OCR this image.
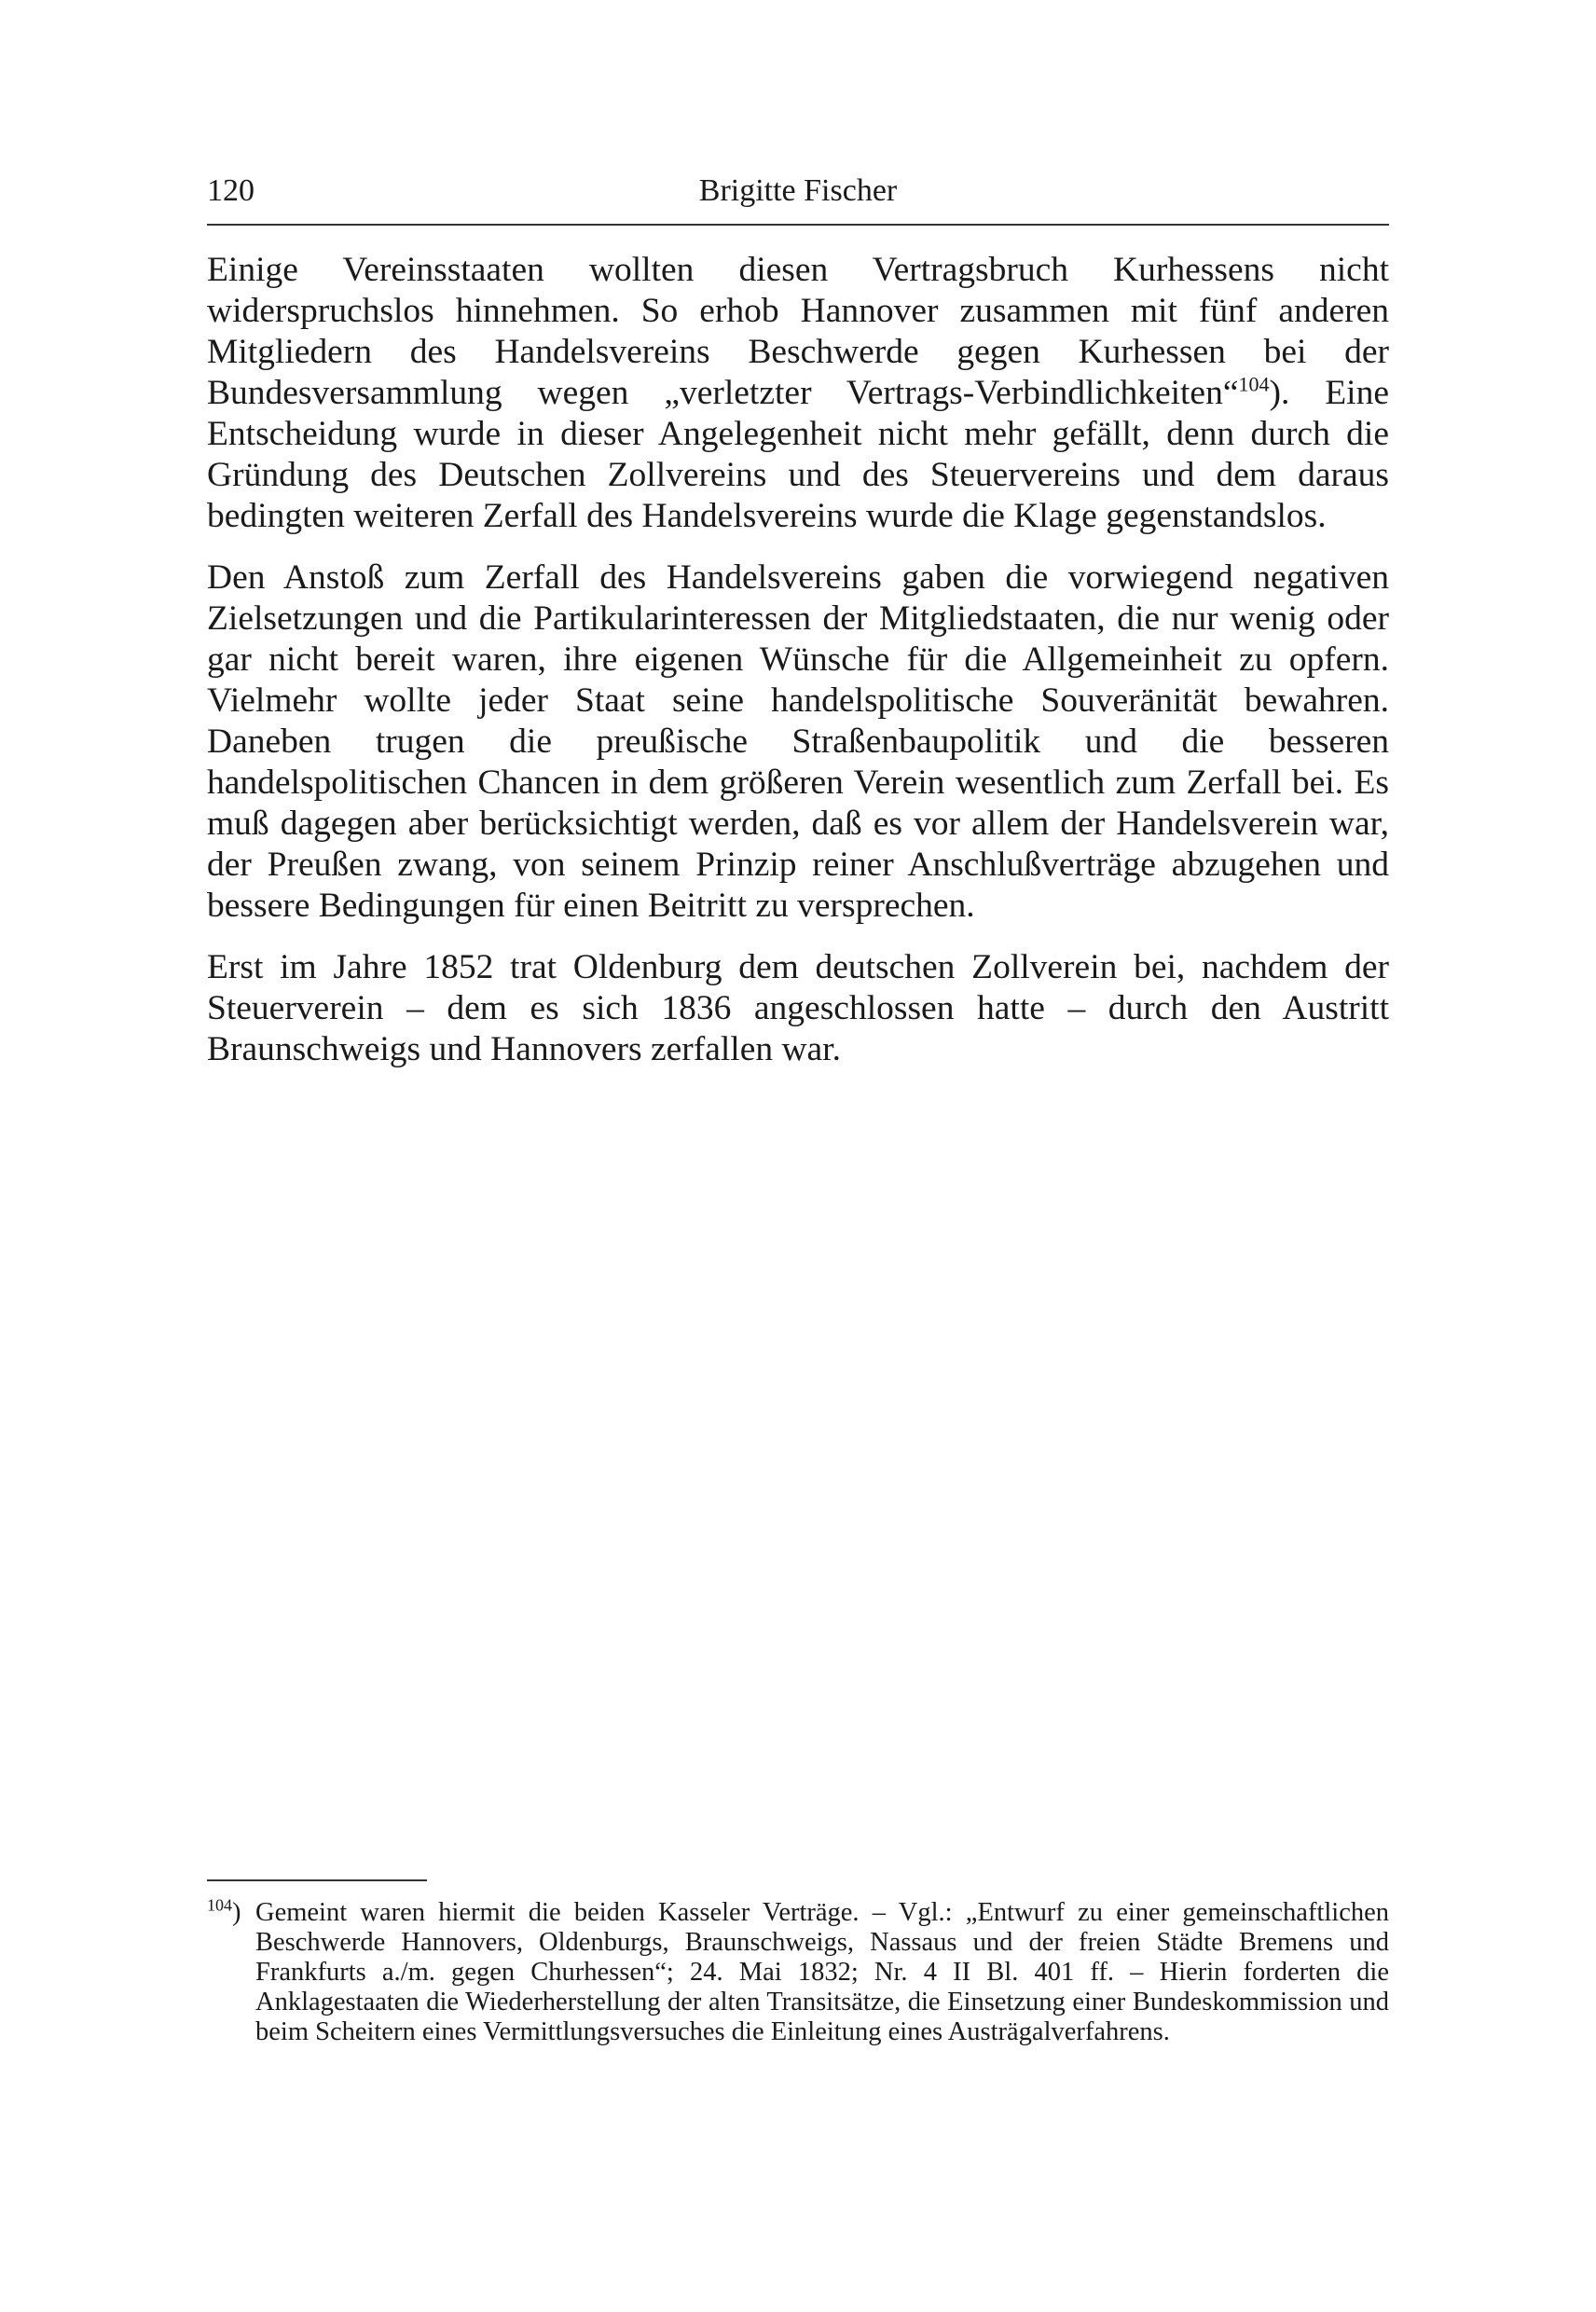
120	Brigitte Fischer

Einige Vereinsstaaten wollten diesen Vertragsbruch Kurhessens nicht widerspruchslos hinnehmen. So erhob Hannover zusammen mit fünf anderen Mitgliedern des Handelsvereins Beschwerde gegen Kurhessen bei der Bundesversammlung wegen „verletzter Vertrags-Verbindlichkeiten“$^{104}$). Eine Entscheidung wurde in dieser Angelegenheit nicht mehr gefällt, denn durch die Gründung des Deutschen Zollvereins und des Steuervereins und dem daraus bedingten weiteren Zerfall des Handelsvereins wurde die Klage gegenstandslos.

Den Anstoß zum Zerfall des Handelsvereins gaben die vorwiegend negativen Zielsetzungen und die Partikularinteressen der Mitgliedstaaten, die nur wenig oder gar nicht bereit waren, ihre eigenen Wünsche für die Allgemeinheit zu opfern. Vielmehr wollte jeder Staat seine handelspolitische Souveränität bewahren. Daneben trugen die preußische Straßenbaupolitik und die besseren handelspolitischen Chancen in dem größeren Verein wesentlich zum Zerfall bei. Es muß dagegen aber berücksichtigt werden, daß es vor allem der Handelsverein war, der Preußen zwang, von seinem Prinzip reiner Anschlußverträge abzugehen und bessere Bedingungen für einen Beitritt zu versprechen.

Erst im Jahre 1852 trat Oldenburg dem deutschen Zollverein bei, nachdem der Steuerverein – dem es sich 1836 angeschlossen hatte – durch den Austritt Braunschweigs und Hannovers zerfallen war.

$^{104}$) Gemeint waren hiermit die beiden Kasseler Verträge. – Vgl.: „Entwurf zu einer gemeinschaftlichen Beschwerde Hannovers, Oldenburgs, Braunschweigs, Nassaus und der freien Städte Bremens und Frankfurts a./m. gegen Churhessen“; 24. Mai 1832; Nr. 4 II Bl. 401 ff. – Hierin forderten die Anklagestaaten die Wiederherstellung der alten Transitsätze, die Einsetzung einer Bundeskommission und beim Scheitern eines Vermittlungsversuches die Einleitung eines Austrägalverfahrens.
